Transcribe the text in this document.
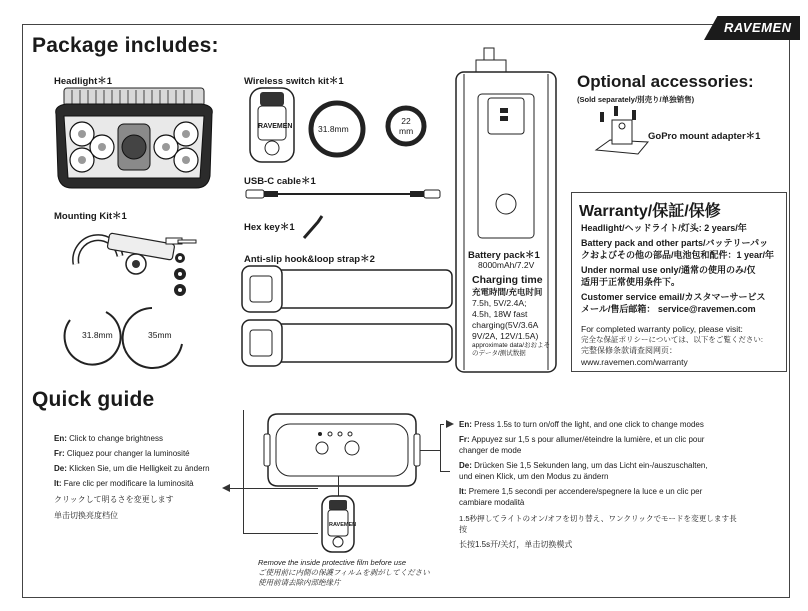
RAVEMEN
Package includes:
Headlight＊1
Mounting Kit＊1
31.8mm	35mm
Wireless switch kit＊1
RAVEMEN	31.8mm
22
mm
USB-C cable＊1
Hex key＊1
Anti-slip hook&loop strap＊2	Battery pack＊1
8000mAh/7.2V
Charging time
充電時間/充电时间
7.5h, 5V/2.4A;
4.5h, 18W fast
charging(5V/3.6A
9V/2A, 12V/1.5A)
approximate data/おおよそ
のデータ/测试数据
Optional accessories:
(Sold separately/別売り/单独销售)
GoPro mount adapter＊1
Warranty/保証/保修
Headlight/ヘッドライト/灯头: 2 years/年
Battery pack and other parts/バッテリーパッ
クおよびその他の部品/电池包和配件：1 year/年
Under normal use only/通常の使用のみ/仅
适用于正常使用条件下。
Customer service email/カスタマーサービス
メール/售后邮箱： service@ravemen.com
For completed warranty policy, please visit:
完全な保証ポリシーについては、以下をご覧ください:
完整保修条款请查阅网页：
www.ravemen.com/warranty
Quick guide
En: Click to change brightness
Fr: Cliquez pour changer la luminosité
De: Klicken Sie, um die Helligkeit zu ändern
It: Fare clic per modificare la luminosità
クリックして明るさを変更します
单击切换亮度档位
RAVEMEN
Remove the inside protective film before use
ご使用前に内側の保護フィルムを剥がしてください
使用前请去除内部绝缘片
En: Press 1.5s to turn on/off the light, and one click to change modes
Fr: Appuyez sur 1,5 s pour allumer/éteindre la lumière, et un clic pour
changer de mode
De: Drücken Sie 1,5 Sekunden lang, um das Licht ein-/auszuschalten,
und einen Klick, um den Modus zu ändern
It: Premere 1,5 secondi per accendere/spegnere la luce e un clic per
cambiare modalità
1.5秒押してライトのオン/オフを切り替え、ワンクリックでモードを変更します長
按
长按1.5s开/关灯，单击切换模式
